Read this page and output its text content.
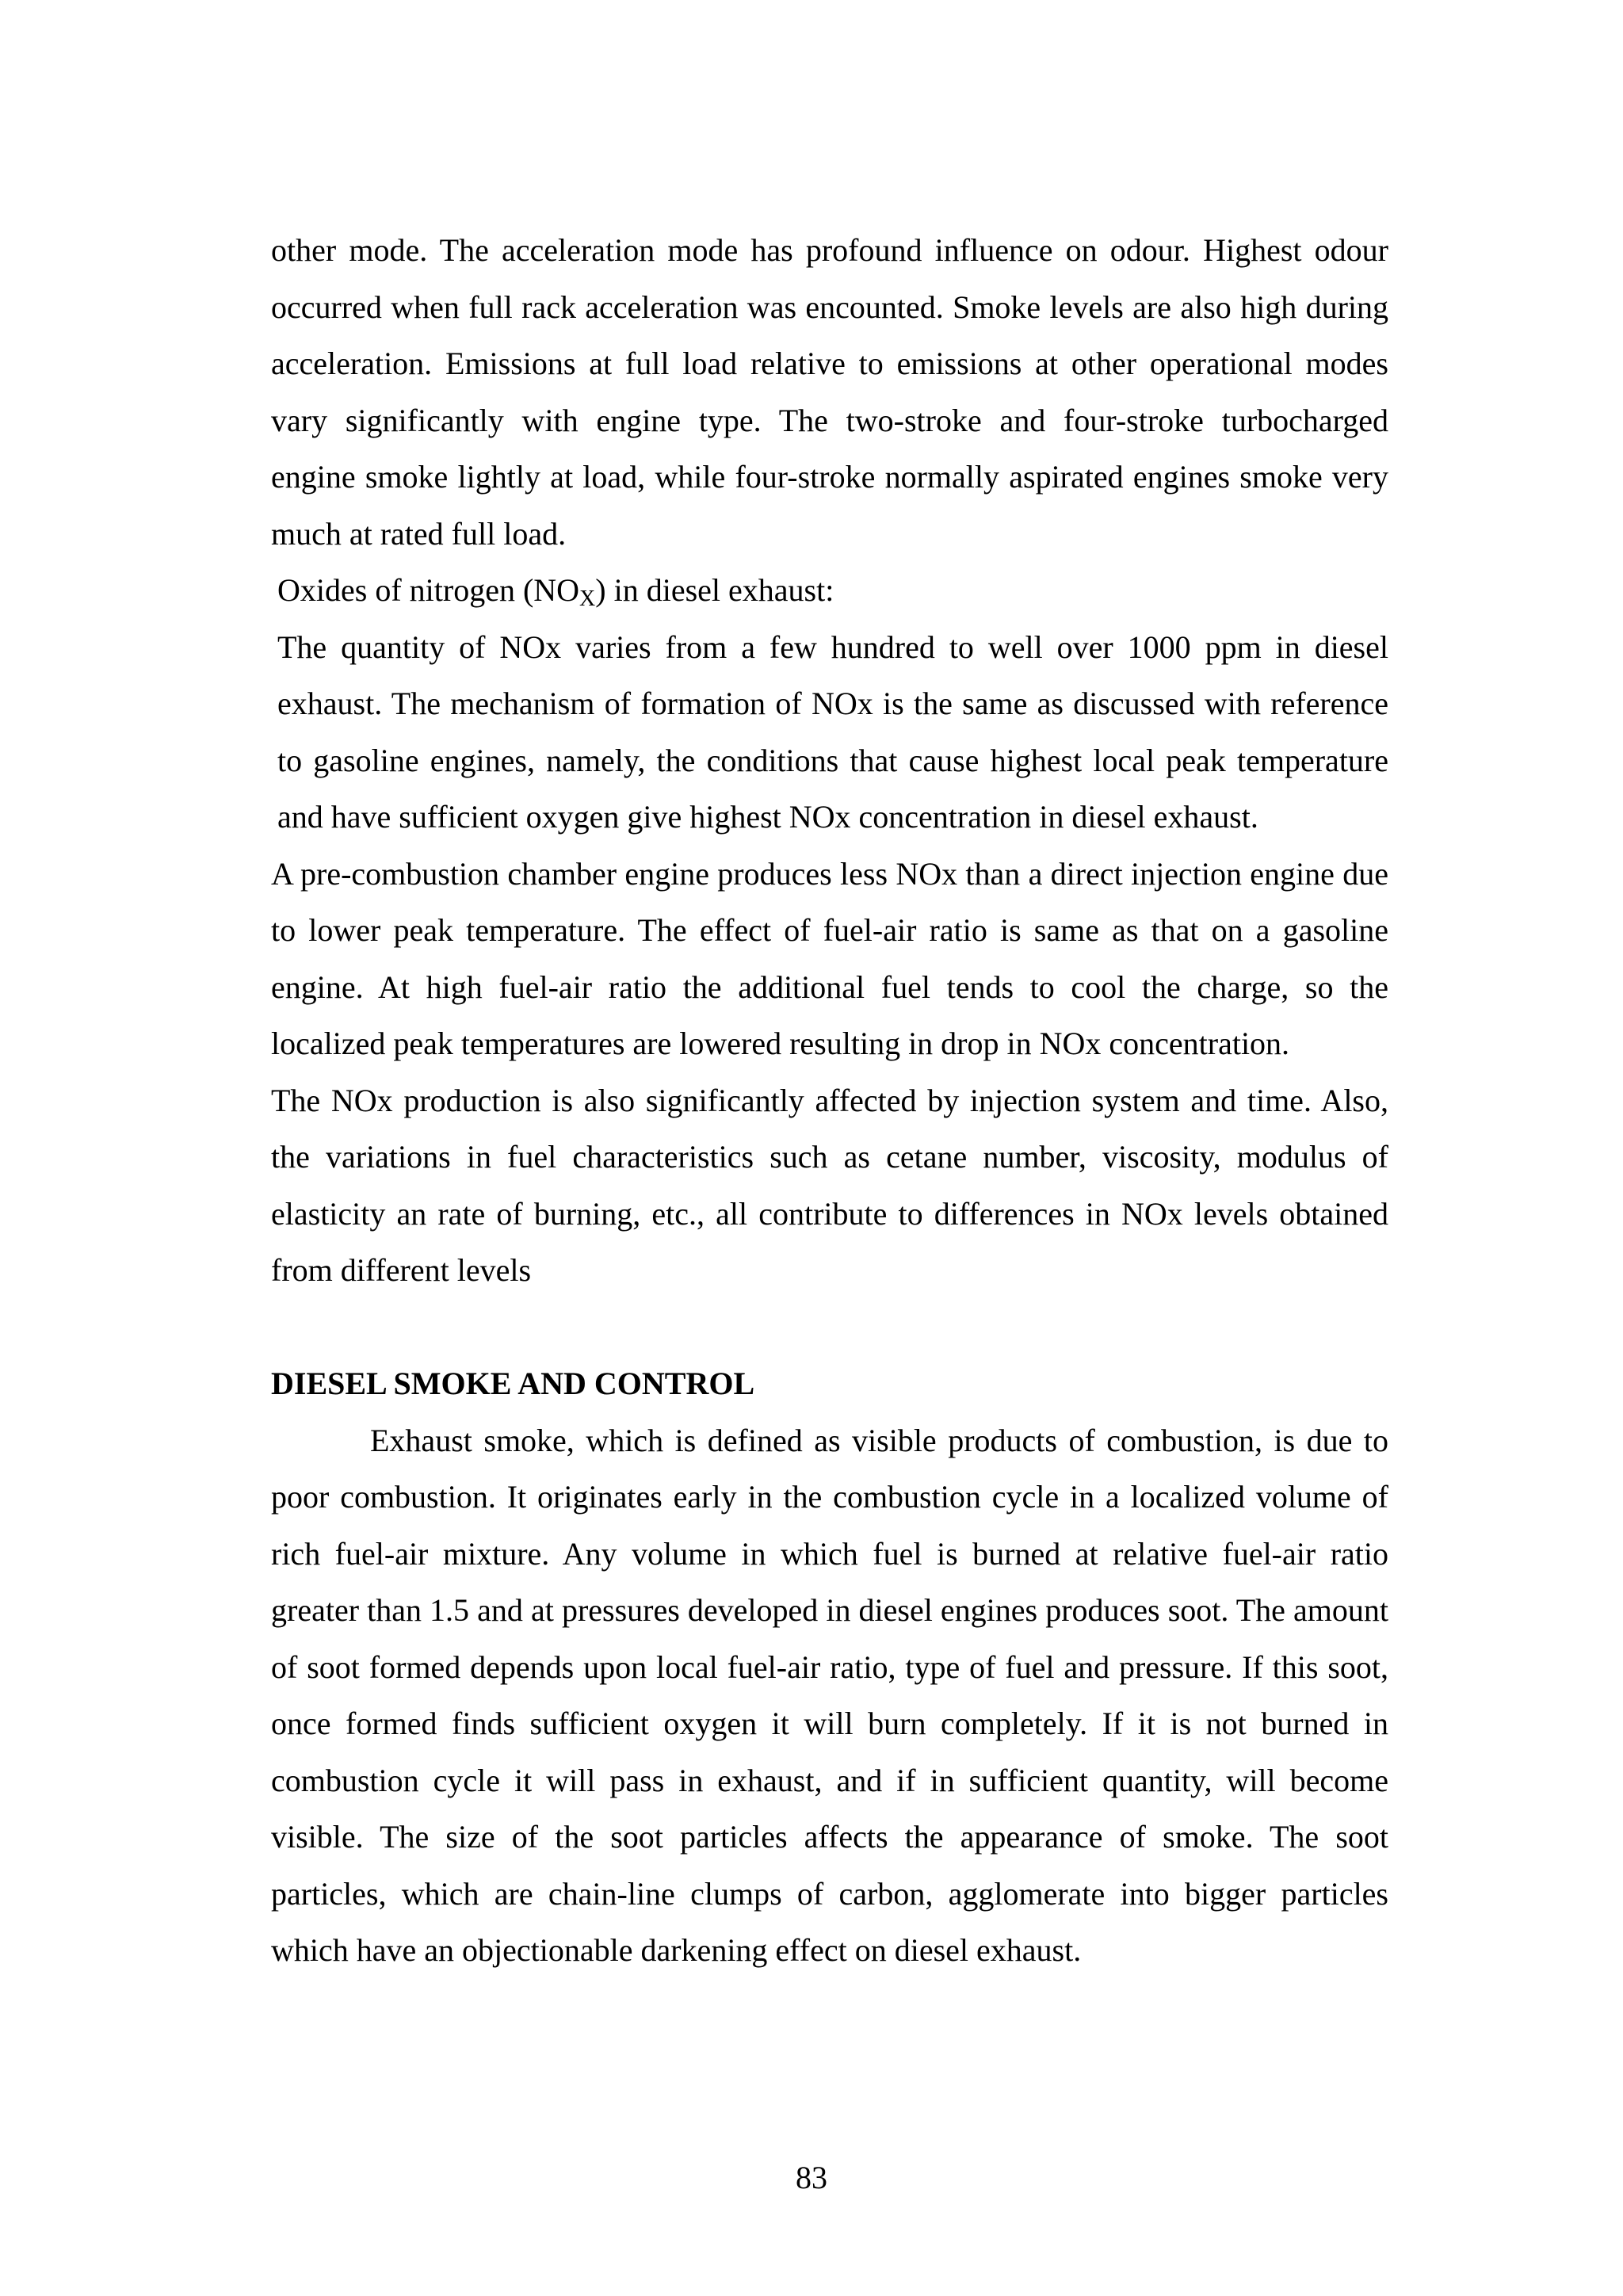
other mode. The acceleration mode has profound influence on odour. Highest odour occurred when full rack acceleration was encounted. Smoke levels are also high during acceleration. Emissions at full load relative to emissions at other operational modes vary significantly with engine type. The two-stroke and four-stroke turbocharged engine smoke lightly at load, while four-stroke normally aspirated engines smoke very much at rated full load.

Oxides of nitrogen $(NO_X)$ in diesel exhaust:

The quantity of NOx varies from a few hundred to well over 1000 ppm in diesel exhaust. The mechanism of formation of NOx is the same as discussed with reference to gasoline engines, namely, the conditions that cause highest local peak temperature and have sufficient oxygen give highest NOx concentration in diesel exhaust.

A pre-combustion chamber engine produces less NOx than a direct injection engine due to lower peak temperature. The effect of fuel-air ratio is same as that on a gasoline engine. At high fuel-air ratio the additional fuel tends to cool the charge, so the localized peak temperatures are lowered resulting in drop in NOx concentration.

The NOx production is also significantly affected by injection system and time. Also, the variations in fuel characteristics such as cetane number, viscosity, modulus of elasticity an rate of burning, etc., all contribute to differences in NOx levels obtained from different levels

DIESEL SMOKE AND CONTROL

Exhaust smoke, which is defined as visible products of combustion, is due to poor combustion. It originates early in the combustion cycle in a localized volume of rich fuel-air mixture. Any volume in which fuel is burned at relative fuel-air ratio greater than 1.5 and at pressures developed in diesel engines produces soot. The amount of soot formed depends upon local fuel-air ratio, type of fuel and pressure. If this soot, once formed finds sufficient oxygen it will burn completely. If it is not burned in combustion cycle it will pass in exhaust, and if in sufficient quantity, will become visible. The size of the soot particles affects the appearance of smoke. The soot particles, which are chain-line clumps of carbon, agglomerate into bigger particles which have an objectionable darkening effect on diesel exhaust.

83
